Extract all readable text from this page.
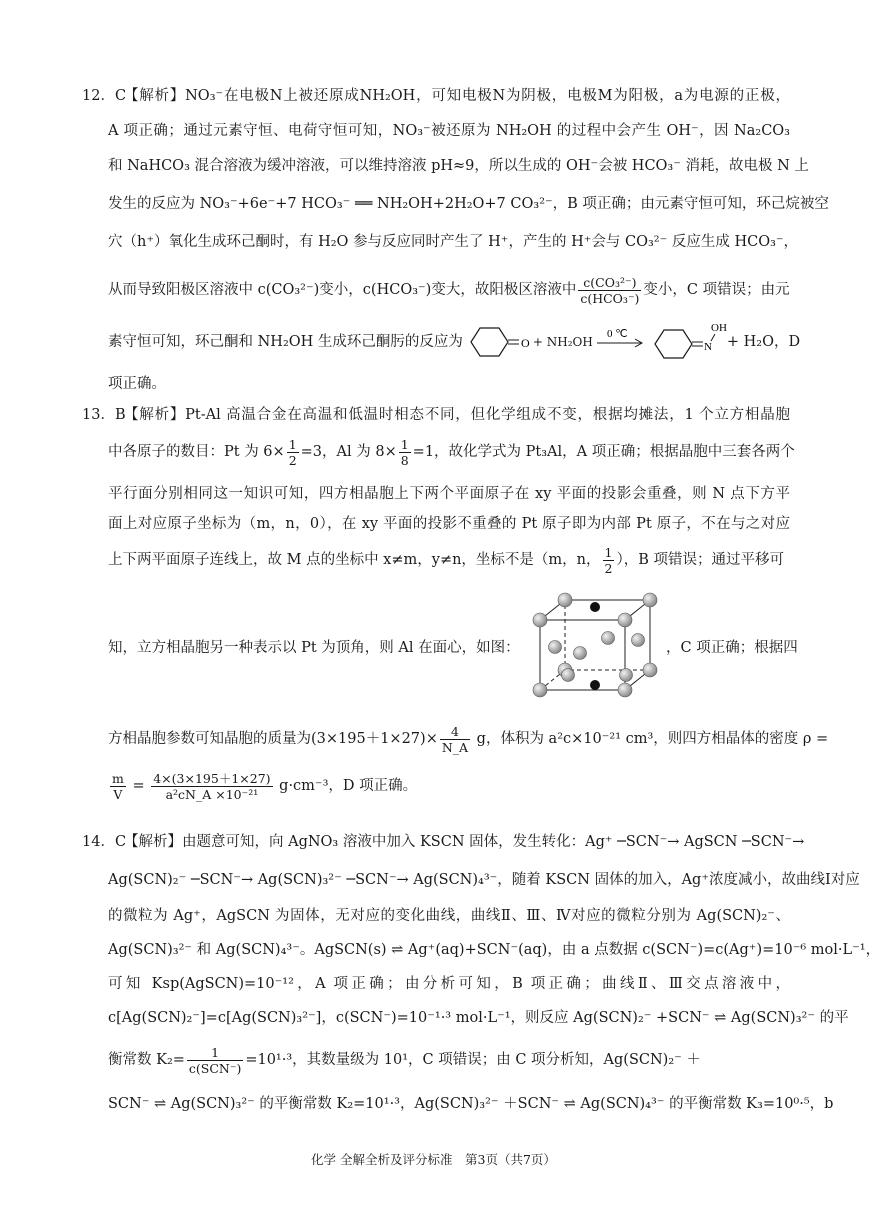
12．C
【解析】NO₃⁻在电极N上被还原成NH₂OH，可知电极N为阴极，电极M为阳极，a为电源的正极，
A 项正确；通过元素守恒、电荷守恒可知，NO₃⁻被还原为 NH₂OH 的过程中会产生 OH⁻，因 Na₂CO₃
和 NaHCO₃ 混合溶液为缓冲溶液，可以维持溶液 pH≈9，所以生成的 OH⁻会被 HCO₃⁻ 消耗，故电极 N 上
发生的反应为 NO₃⁻+6e⁻+7 HCO₃⁻ ══ NH₂OH+2H₂O+7 CO₃²⁻，B 项正确；由元素守恒可知，环己烷被空
穴（h⁺）氧化生成环己酮时，有 H₂O 参与反应同时产生了 H⁺，产生的 H⁺会与 CO₃²⁻ 反应生成 HCO₃⁻，
从而导致阳极区溶液中 c(CO₃²⁻)变小，c(HCO₃⁻)变大，故阳极区溶液中 $\frac{\text{c(CO₃²⁻)}}{\text{c(HCO₃⁻)}}$ 变小，C 项错误；由元
素守恒可知，环己酮和 NH₂OH 生成环己酮肟的反应为	O + NH₂OH
0 ℃
N
OH
+ H₂O，D
项正确。
13．B
【解析】Pt-Al 高温合金在高温和低温时相态不同，但化学组成不变，根据均摊法，1 个立方相晶胞
中各原子的数目：Pt 为 $6\times \frac{1}{2} =3$，Al 为 $8\times \frac{1}{8} =1$，故化学式为 Pt₃Al，A 项正确；根据晶胞中三套各两个
平行面分别相同这一知识可知，四方相晶胞上下两个平面原子在 xy 平面的投影会重叠，则 N 点下方平
面上对应原子坐标为（m，n，0），在 xy 平面的投影不重叠的 Pt 原子即为内部 Pt 原子，不在与之对应
上下两平面原子连线上，故 M 点的坐标中 x≠m，y≠n，坐标不是（m，n， $\frac{1}{2}$ ），B 项错误；通过平移可
知，立方相晶胞另一种表示以 Pt 为顶角，则 Al 在面心，如图：	，C 项正确；根据四
方相晶胞参数可知晶胞的质量为$(3\times 195+1\times 27)\times \frac{4}{N\_A}$ g，体积为 a²c×10⁻²¹ cm³，则四方相晶体的密度 ρ =
$\frac{m}{V} = \frac{4\times(3\times 195+1\times 27)}{\text{a²cN\_A ×10⁻²¹}} g\cdot cm^{-3}$，D 项正确。
14．C
【解析】由题意可知，向 AgNO₃ 溶液中加入 KSCN 固体，发生转化：Ag⁺ ─SCN⁻→ AgSCN ─SCN⁻→
Ag(SCN)₂⁻ ─SCN⁻→ Ag(SCN)₃²⁻ ─SCN⁻→ Ag(SCN)₄³⁻，随着 KSCN 固体的加入，Ag⁺浓度减小，故曲线Ⅰ对应
的微粒为 Ag⁺，AgSCN 为固体，无对应的变化曲线，曲线Ⅱ、Ⅲ、Ⅳ对应的微粒分别为 Ag(SCN)₂⁻、
Ag(SCN)₃²⁻ 和 Ag(SCN)₄³⁻。AgSCN(s) ⇌ Ag⁺(aq)+SCN⁻(aq)，由 a 点数据 c(SCN⁻)=c(Ag⁺)=10⁻⁶ mol·L⁻¹，
可知 Ksp(AgSCN)=10⁻¹²，A 项正确；由分析可知，B 项正确；曲线Ⅱ、Ⅲ交点溶液中，
c[Ag(SCN)₂⁻]=c[Ag(SCN)₃²⁻]，c(SCN⁻)=10⁻¹·³ mol·L⁻¹，则反应 Ag(SCN)₂⁻ +SCN⁻ ⇌ Ag(SCN)₃²⁻ 的平
衡常数 $K_2= \frac{1}{\text{c(SCN⁻)}} =10^1\cdot^3$，其数量级为 10¹，C 项错误；由 C 项分析知，Ag(SCN)₂⁻ ＋
SCN⁻ ⇌ Ag(SCN)₃²⁻ 的平衡常数 K₂=10¹·³，Ag(SCN)₃²⁻ ＋SCN⁻ ⇌ Ag(SCN)₄³⁻ 的平衡常数 K₃=10⁰·⁵，b
化学 全解全析及评分标准　第3页（共7页）
